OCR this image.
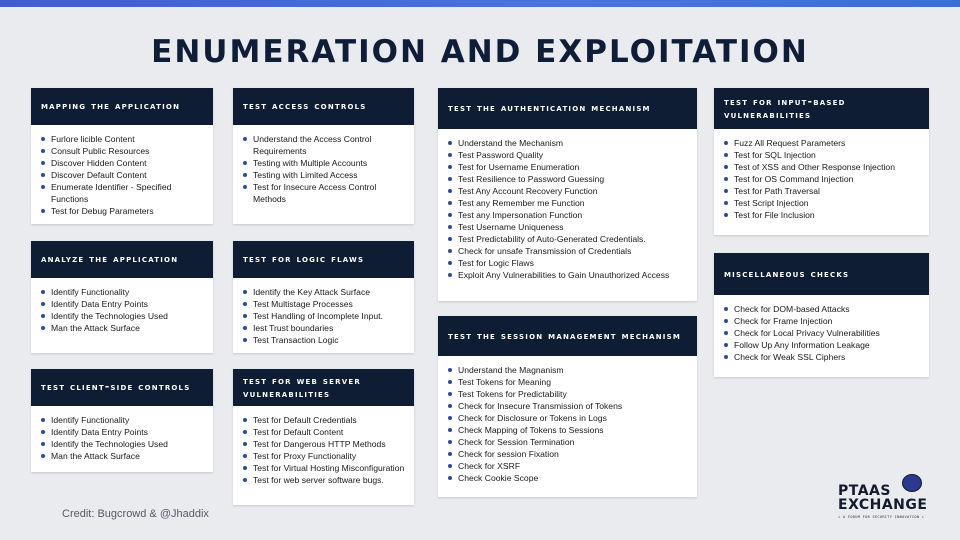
ENUMERATION AND EXPLOITATION
mapping the application
Furlore licible Content
Consult Public Resources
Discover Hidden Content
Discover Default Content
Enumerate Identifier - Specified Functions
Test for Debug Parameters
analyze the application
Identify Functionality
Identify Data Entry Points
Identify the Technologies Used
Man the Attack Surface
test client-side controls
Identify Functionality
Identify Data Entry Points
Identify the Technologies Used
Man the Attack Surface
test access controls
Understand the Access Control Requirements
Testing with Multiple Accounts
Testing with Limited Access
Test for Insecure Access Control Methods
test for logic flaws
Identify the Key Attack Surface
Test Multistage Processes
Test Handling of Incomplete Input.
Iest Trust boundaries
Test Transaction Logic
test for web server vulnerabilities
Test for Default Credentials
Test for Default Content
Test for Dangerous HTTP Methods
Test for Proxy Functionality
Test for Virtual Hosting Misconfiguration
Test for web server software bugs.
test the authentication mechanism
Understand the Mechanism
Test Password Quality
Test for Username Enumeration
Test Resilience to Password Guessing
Test Any Account Recovery Function
Test any Remember me Function
Test any Impersonation Function
Test Username Uniqueness
Test Predictability of Auto-Generated Credentials.
Check for unsafe Transmission of Credentials
Test for Logic Flaws
Exploit Any Vulnerabilities to Gain Unauthorized Access
test the session management mechanism
Understand the Magnanism
Test Tokens for Meaning
Test Tokens for Predictability
Check for Insecure Transmission of Tokens
Check for Disclosure or Tokens in Logs
Check Mapping of Tokens to Sessions
Check for Session Termination
Check for session Fixation
Check for XSRF
Check Cookie Scope
test for input-based vulnerabilities
Fuzz All Request Parameters
Test for SQL Injection
Test of XSS and Other Response Injection
Test for OS Command Injection
Test for Path Traversal
Test Script Injection
Test for File Inclusion
miscellaneous checks
Check for DOM-based Attacks
Check for Frame Injection
Check for Local Privacy Vulnerabilities
Follow Up Any Information Leakage
Check for Weak SSL Ciphers
Credit: Bugcrowd & @Jhaddix
PTAAS
EXCHANGE
✦ A FORUM FOR SECURITY INNOVATION ✦
